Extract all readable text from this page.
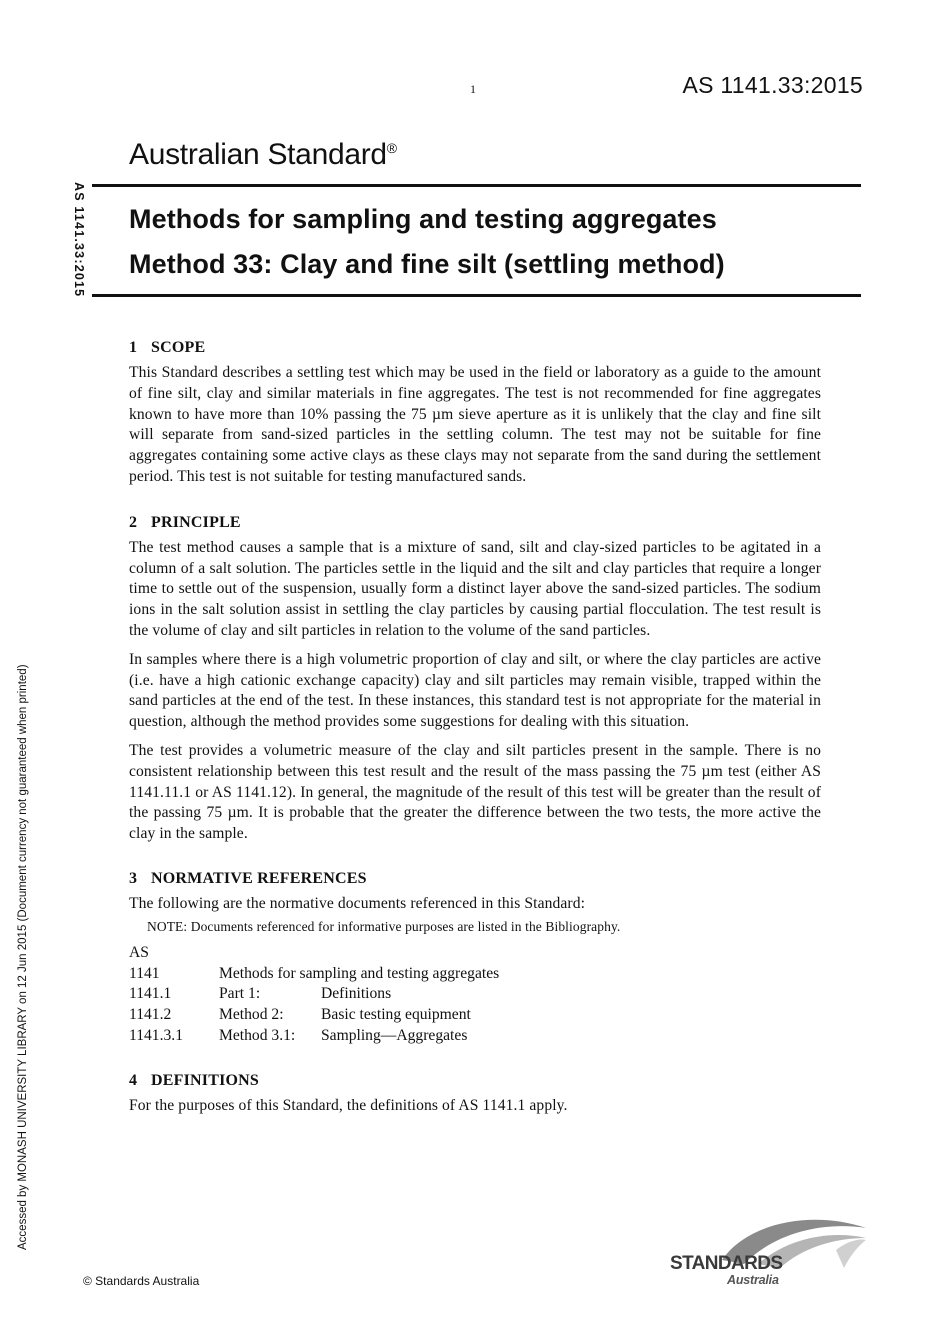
1	AS 1141.33:2015
Australian Standard®
Methods for sampling and testing aggregates
Method 33: Clay and fine silt (settling method)
AS 1141.33:2015
Accessed by MONASH UNIVERSITY LIBRARY on 12 Jun 2015 (Document currency not guaranteed when printed)
1 SCOPE

This Standard describes a settling test which may be used in the field or laboratory as a guide to the amount of fine silt, clay and similar materials in fine aggregates. The test is not recommended for fine aggregates known to have more than 10% passing the 75 µm sieve aperture as it is unlikely that the clay and fine silt will separate from sand-sized particles in the settling column. The test may not be suitable for fine aggregates containing some active clays as these clays may not separate from the sand during the settlement period. This test is not suitable for testing manufactured sands.

2 PRINCIPLE

The test method causes a sample that is a mixture of sand, silt and clay-sized particles to be agitated in a column of a salt solution. The particles settle in the liquid and the silt and clay particles that require a longer time to settle out of the suspension, usually form a distinct layer above the sand-sized particles. The sodium ions in the salt solution assist in settling the clay particles by causing partial flocculation. The test result is the volume of clay and silt particles in relation to the volume of the sand particles.

In samples where there is a high volumetric proportion of clay and silt, or where the clay particles are active (i.e. have a high cationic exchange capacity) clay and silt particles may remain visible, trapped within the sand particles at the end of the test. In these instances, this standard test is not appropriate for the material in question, although the method provides some suggestions for dealing with this situation.

The test provides a volumetric measure of the clay and silt particles present in the sample. There is no consistent relationship between this test result and the result of the mass passing the 75 µm test (either AS 1141.11.1 or AS 1141.12). In general, the magnitude of the result of this test will be greater than the result of the passing 75 µm. It is probable that the greater the difference between the two tests, the more active the clay in the sample.

3 NORMATIVE REFERENCES

The following are the normative documents referenced in this Standard:

NOTE: Documents referenced for informative purposes are listed in the Bibliography.

AS		
1141	Methods for sampling and testing aggregates	
1141.1	Part 1:	Definitions
1141.2	Method 2:	Basic testing equipment
1141.3.1	Method 3.1:	Sampling—Aggregates
4 DEFINITIONS

For the purposes of this Standard, the definitions of AS 1141.1 apply.

© Standards Australia
STANDARDS
Australia
